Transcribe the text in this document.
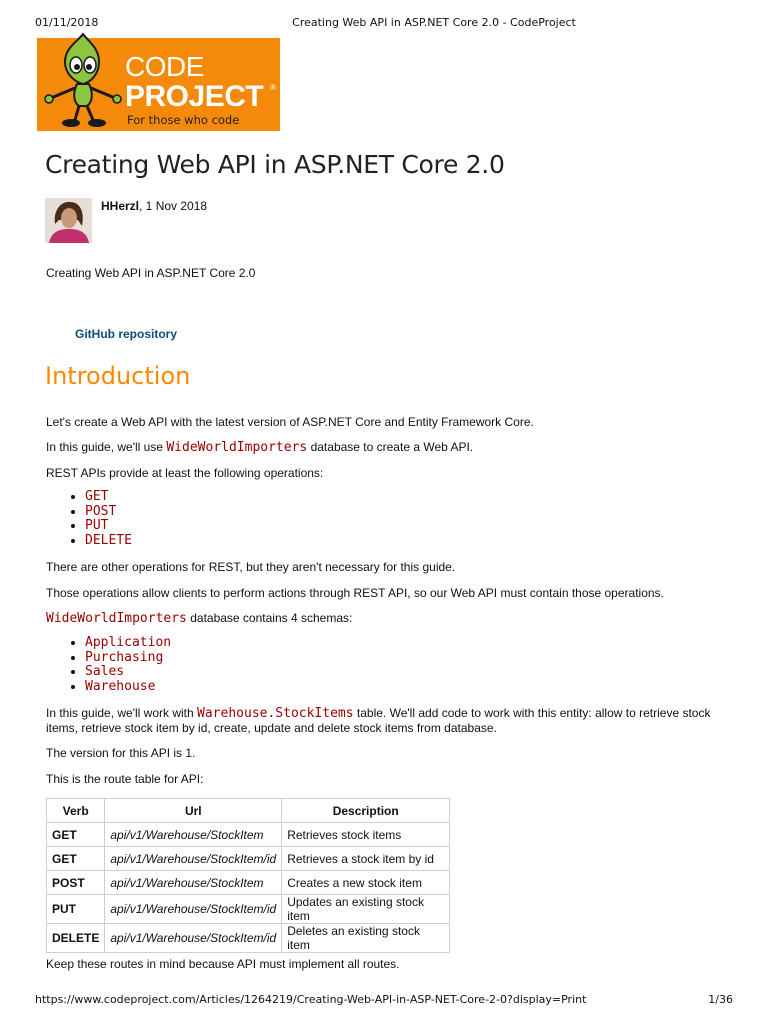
01/11/2018	Creating Web API in ASP.NET Core 2.0 - CodeProject
CODE
PROJECT ®
For those who code
Creating Web API in ASP.NET Core 2.0
HHerzl, 1 Nov 2018
Creating Web API in ASP.NET Core 2.0
GitHub repository
Introduction
Let's create a Web API with the latest version of ASP.NET Core and Entity Framework Core.
In this guide, we'll use WideWorldImporters database to create a Web API.
REST APIs provide at least the following operations:
• GET
• POST
• PUT
• DELETE
There are other operations for REST, but they aren't necessary for this guide.
Those operations allow clients to perform actions through REST API, so our Web API must contain those operations.
WideWorldImporters database contains 4 schemas:
• Application
• Purchasing
• Sales
• Warehouse
In this guide, we'll work with Warehouse.StockItems table. We'll add code to work with this entity: allow to retrieve stock
items, retrieve stock item by id, create, update and delete stock items from database.
The version for this API is 1.
This is the route table for API:
Verb	Url	Description
GET	api/v1/Warehouse/StockItem	Retrieves stock items
GET	api/v1/Warehouse/StockItem/id	Retrieves a stock item by id
POST	api/v1/Warehouse/StockItem	Creates a new stock item
PUT	api/v1/Warehouse/StockItem/id	Updates an existing stock item
DELETE	api/v1/Warehouse/StockItem/id	Deletes an existing stock item
Keep these routes in mind because API must implement all routes.
https://www.codeproject.com/Articles/1264219/Creating-Web-API-in-ASP-NET-Core-2-0?display=Print	1/36
